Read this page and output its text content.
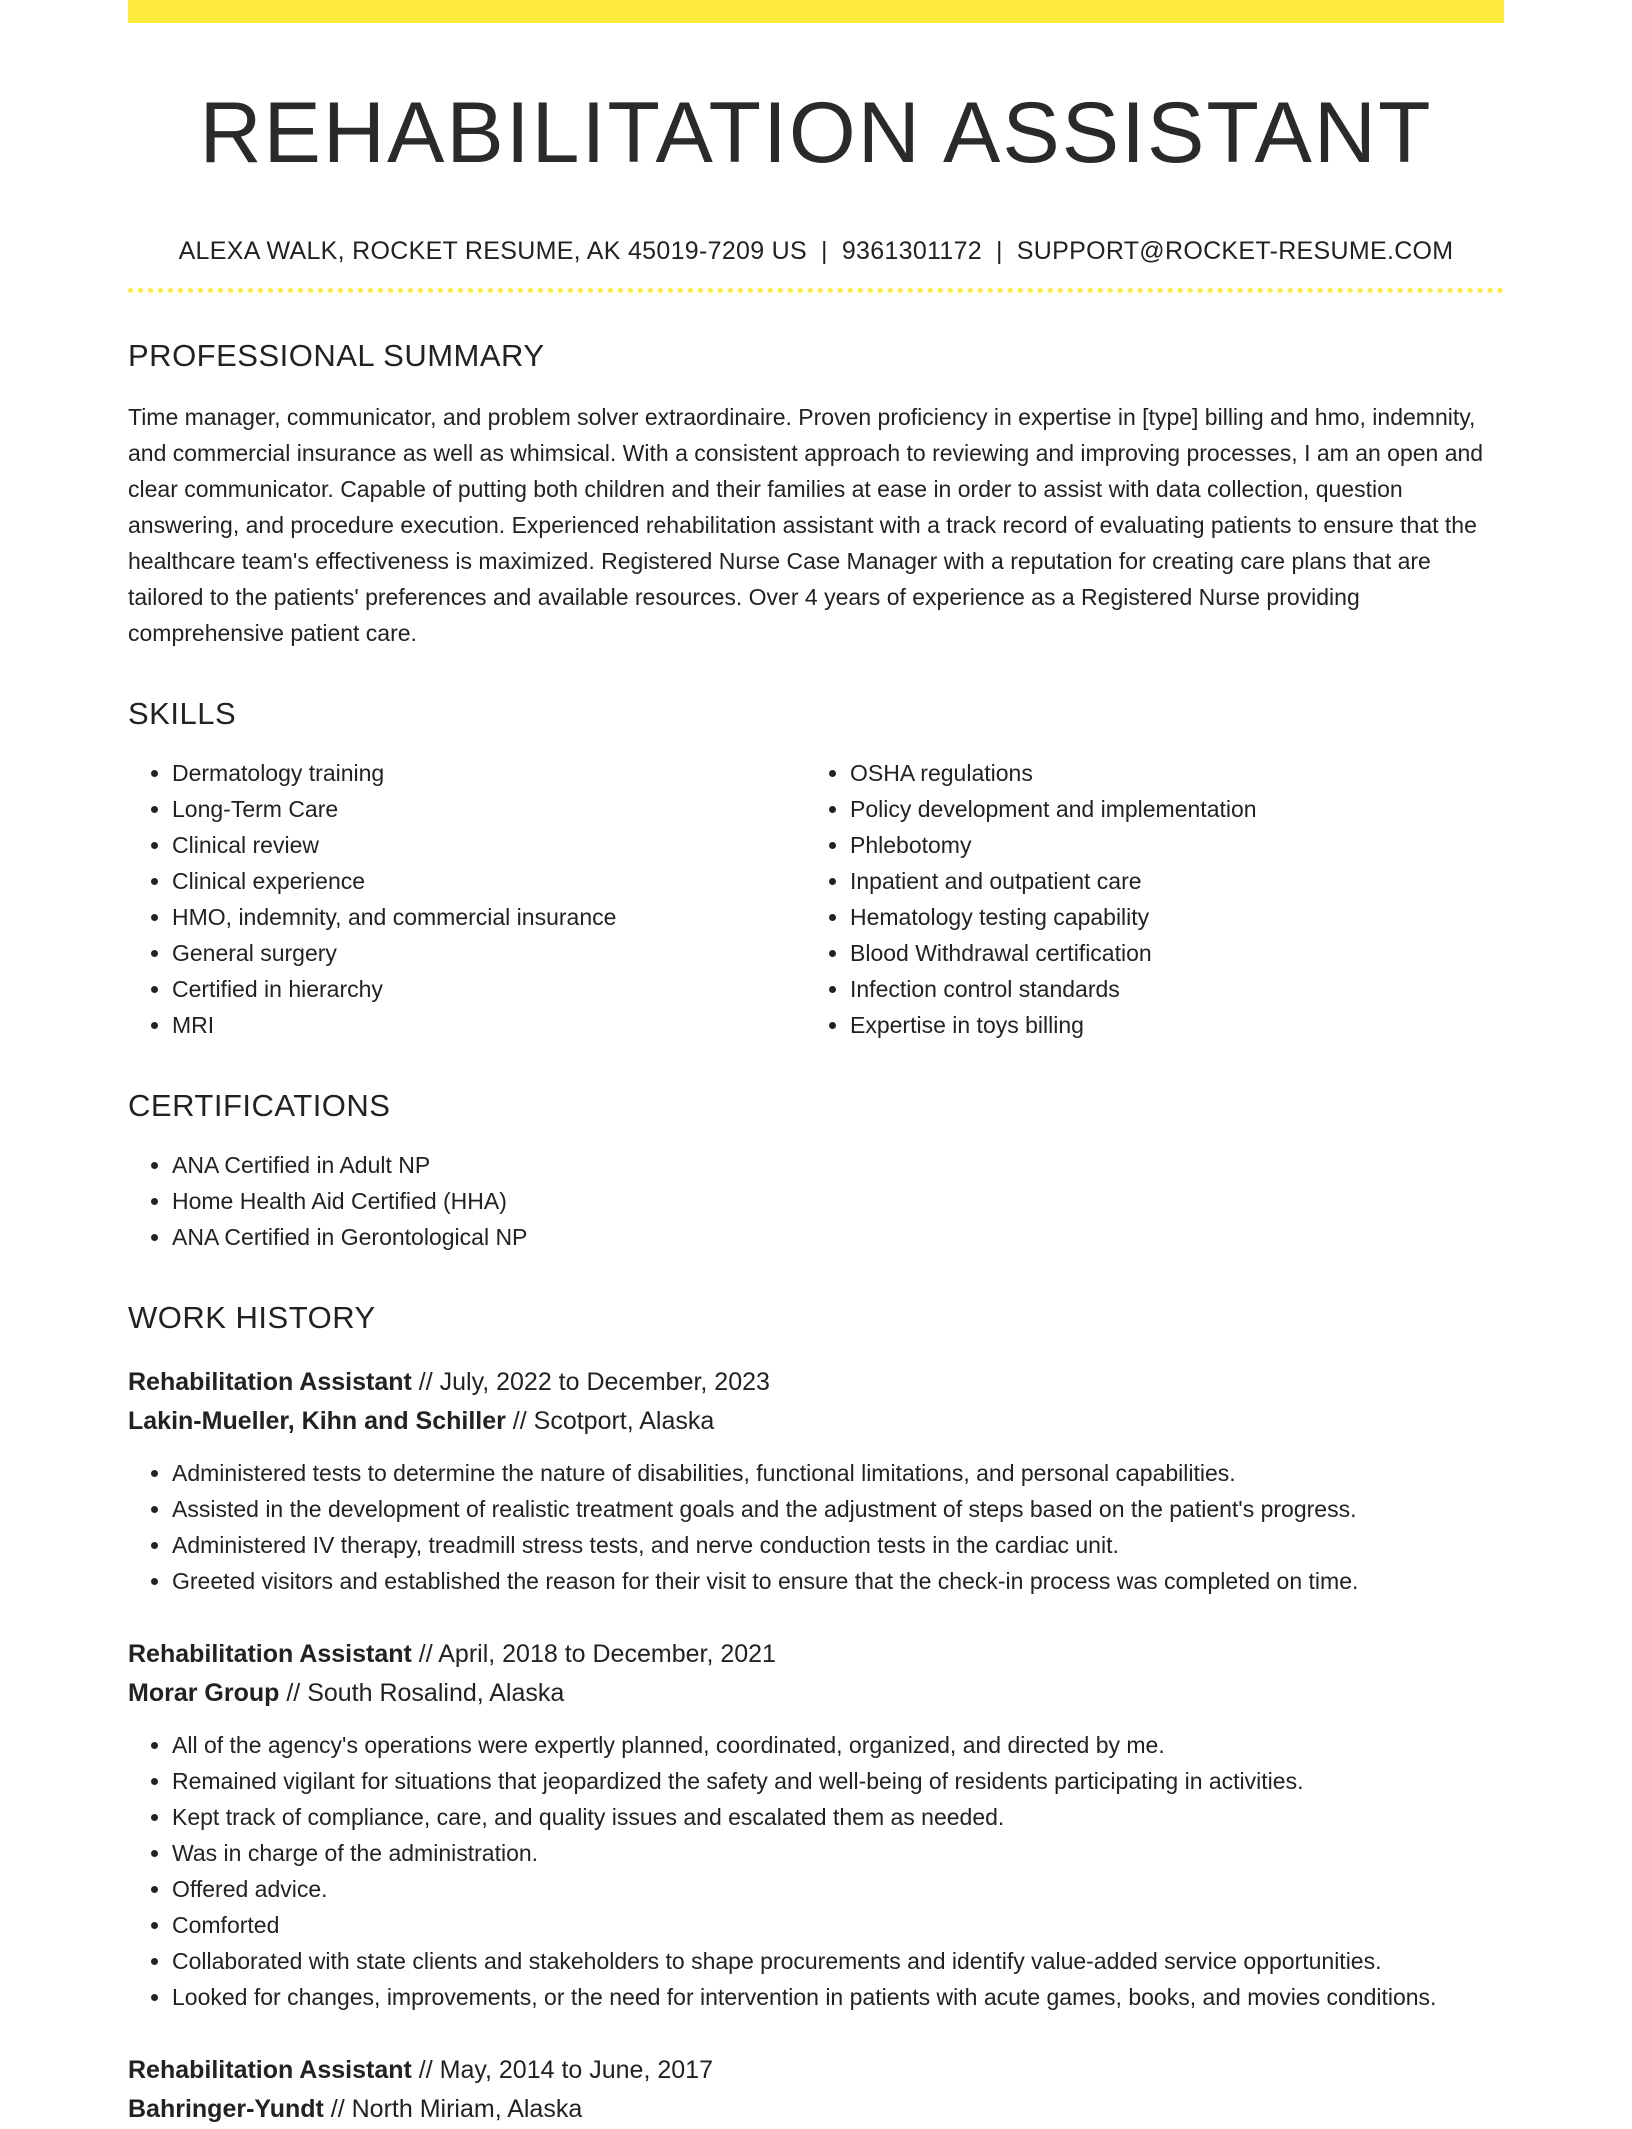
REHABILITATION ASSISTANT
ALEXA WALK, ROCKET RESUME, AK 45019-7209 US | 9361301172 | SUPPORT@ROCKET-RESUME.COM
PROFESSIONAL SUMMARY

Time manager, communicator, and problem solver extraordinaire. Proven proficiency in expertise in [type] billing and hmo, indemnity, and commercial insurance as well as whimsical. With a consistent approach to reviewing and improving processes, I am an open and clear communicator. Capable of putting both children and their families at ease in order to assist with data collection, question answering, and procedure execution. Experienced rehabilitation assistant with a track record of evaluating patients to ensure that the healthcare team's effectiveness is maximized. Registered Nurse Case Manager with a reputation for creating care plans that are tailored to the patients' preferences and available resources. Over 4 years of experience as a Registered Nurse providing comprehensive patient care.

SKILLS
• Dermatology training
• Long-Term Care
• Clinical review
• Clinical experience
• HMO, indemnity, and commercial insurance
• General surgery
• Certified in hierarchy
• MRI
• OSHA regulations
• Policy development and implementation
• Phlebotomy
• Inpatient and outpatient care
• Hematology testing capability
• Blood Withdrawal certification
• Infection control standards
• Expertise in toys billing
CERTIFICATIONS
• ANA Certified in Adult NP
• Home Health Aid Certified (HHA)
• ANA Certified in Gerontological NP
WORK HISTORY
Rehabilitation Assistant // July, 2022 to December, 2023
Lakin-Mueller, Kihn and Schiller // Scotport, Alaska
• Administered tests to determine the nature of disabilities, functional limitations, and personal capabilities.
• Assisted in the development of realistic treatment goals and the adjustment of steps based on the patient's progress.
• Administered IV therapy, treadmill stress tests, and nerve conduction tests in the cardiac unit.
• Greeted visitors and established the reason for their visit to ensure that the check-in process was completed on time.
Rehabilitation Assistant // April, 2018 to December, 2021
Morar Group // South Rosalind, Alaska
• All of the agency's operations were expertly planned, coordinated, organized, and directed by me.
• Remained vigilant for situations that jeopardized the safety and well-being of residents participating in activities.
• Kept track of compliance, care, and quality issues and escalated them as needed.
• Was in charge of the administration.
• Offered advice.
• Comforted
• Collaborated with state clients and stakeholders to shape procurements and identify value-added service opportunities.
• Looked for changes, improvements, or the need for intervention in patients with acute games, books, and movies conditions.
Rehabilitation Assistant // May, 2014 to June, 2017
Bahringer-Yundt // North Miriam, Alaska
